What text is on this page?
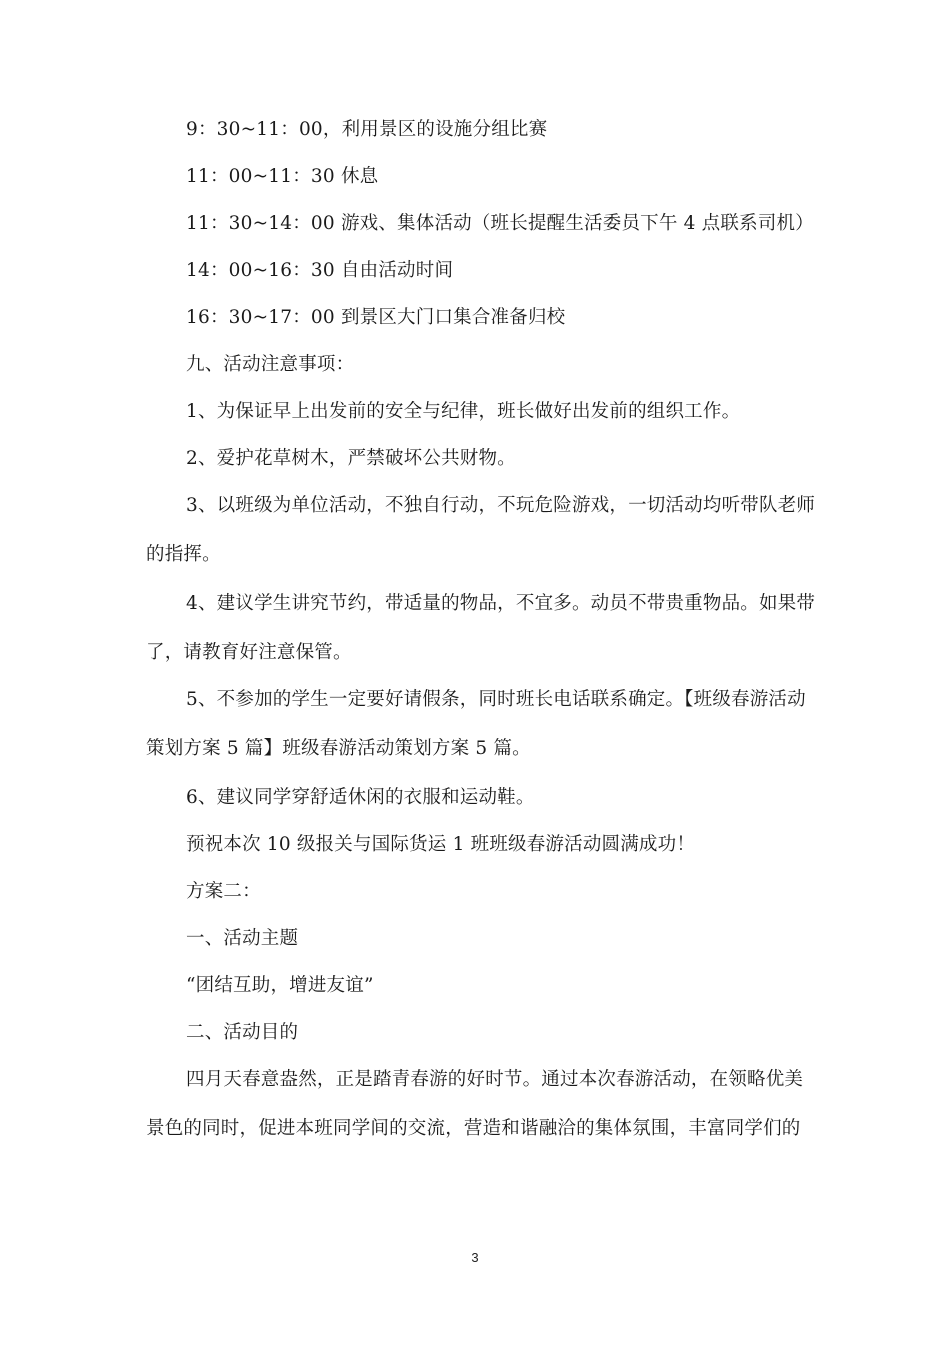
9：30~11：00，利用景区的设施分组比赛
11：00~11：30 休息
11：30~14：00 游戏、集体活动（班长提醒生活委员下午 4 点联系司机）
14：00~16：30 自由活动时间
16：30~17：00 到景区大门口集合准备归校
九、活动注意事项：
1、为保证早上出发前的安全与纪律，班长做好出发前的组织工作。
2、爱护花草树木，严禁破坏公共财物。
3、以班级为单位活动，不独自行动，不玩危险游戏，一切活动均听带队老师
的指挥。
4、建议学生讲究节约，带适量的物品，不宜多。动员不带贵重物品。如果带
了，请教育好注意保管。
5、不参加的学生一定要好请假条，同时班长电话联系确定。【班级春游活动
策划方案 5 篇】班级春游活动策划方案 5 篇。
6、建议同学穿舒适休闲的衣服和运动鞋。
预祝本次 10 级报关与国际货运 1 班班级春游活动圆满成功！
方案二：
一、活动主题
“团结互助，增进友谊”
二、活动目的
四月天春意盎然，正是踏青春游的好时节。通过本次春游活动，在领略优美
景色的同时，促进本班同学间的交流，营造和谐融洽的集体氛围，丰富同学们的
3
